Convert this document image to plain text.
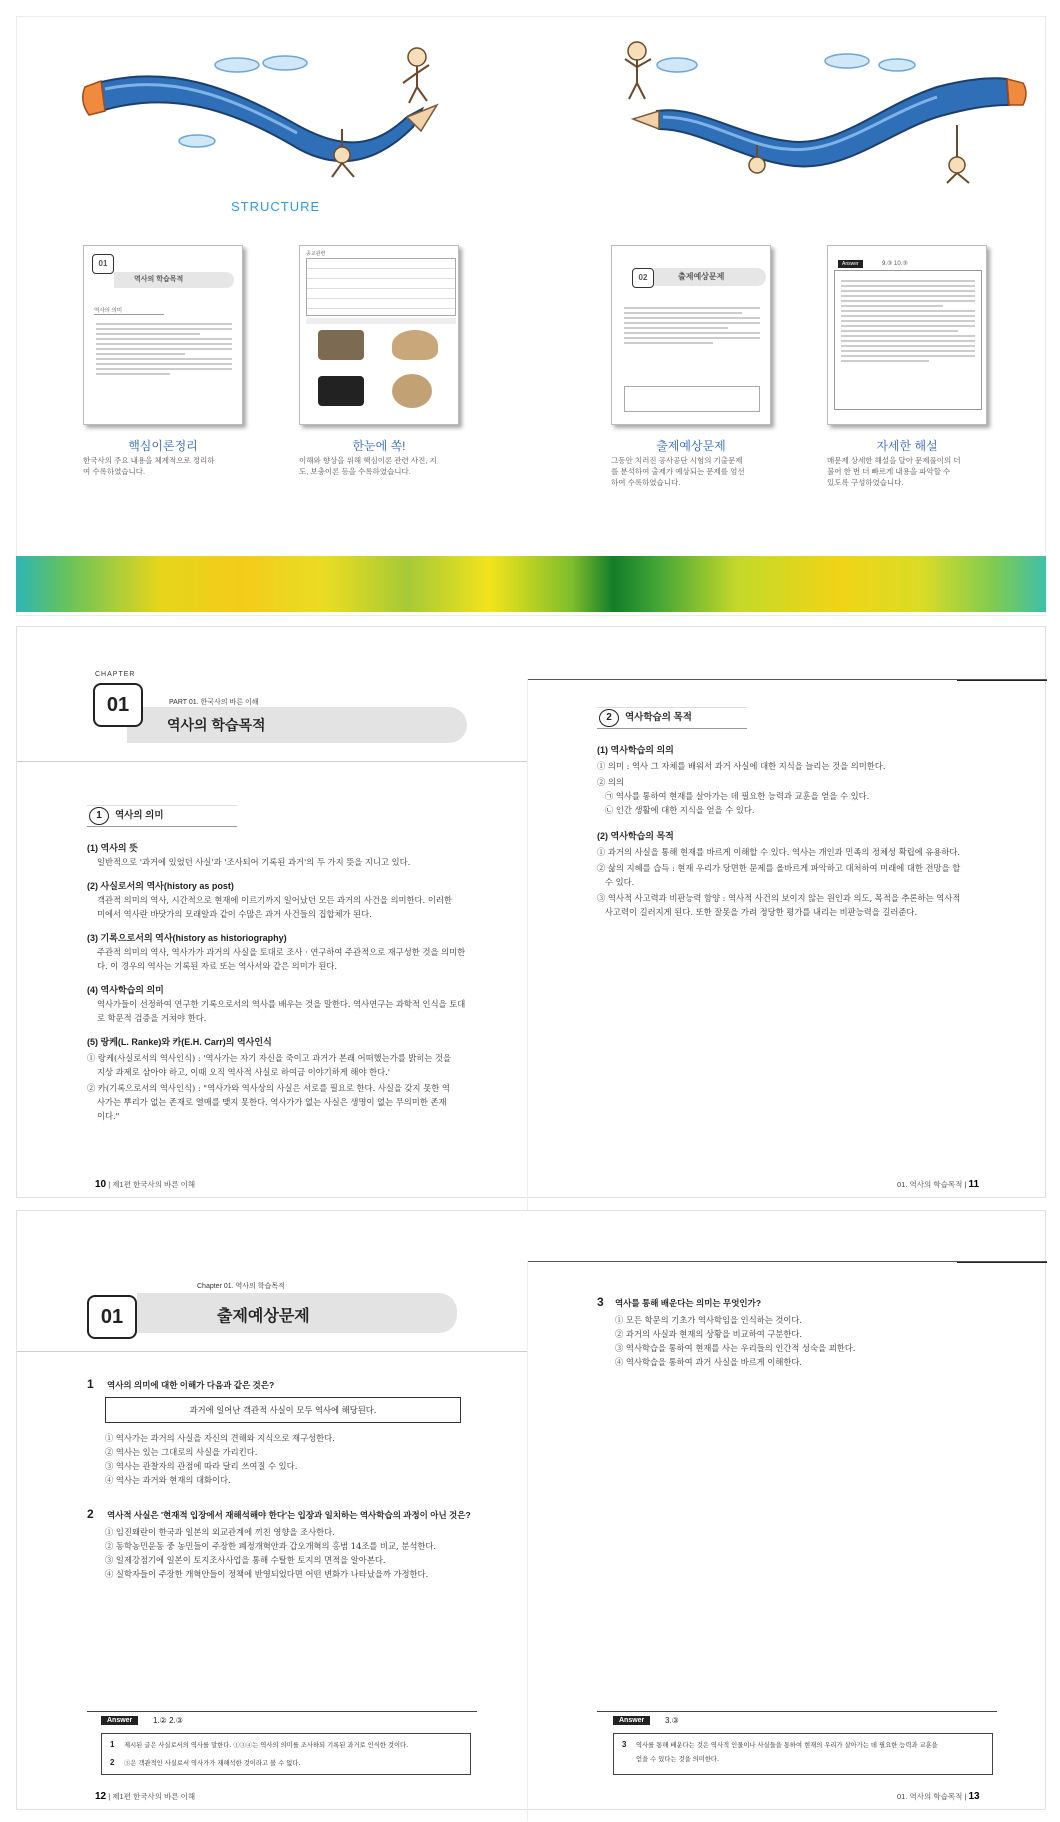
STRUCTURE
01
역사의 학습목적
역사의 의미
종교관련
02	출제예상문제
Answer	9.③ 10.③
핵심이론정리
한국사의 주요 내용을 체계적으로 정리하
여 수록하였습니다.
한눈에 쏙!
이해와 향상을 위해 핵심이론 관련 사진, 지
도, 보충이론 등을 수록하였습니다.
출제예상문제
그동안 치러진 공사공단 시험의 기출문제
를 분석하여 출제가 예상되는 문제를 엄선
하여 수록하였습니다.
자세한 해설
매문제 상세한 해설을 달아 문제풀이의 더
불어 한 번 더 빠르게 내용을 파악할 수
있도록 구성하였습니다.
CHAPTER
01	PART 01. 한국사의 바른 이해
역사의 학습목적
1	역사의 의미
(1) 역사의 뜻
일반적으로 '과거에 있었던 사실'과 '조사되어 기록된 과거'의 두 가지 뜻을 지니고 있다.
(2) 사실로서의 역사(history as post)
객관적 의미의 역사, 시간적으로 현재에 이르기까지 일어났던 모든 과거의 사건을 의미한다. 이러한
미에서 역사란 바닷가의 모래알과 같이 수많은 과거 사건들의 집합체가 된다.
(3) 기록으로서의 역사(history as historiography)
주관적 의미의 역사, 역사가가 과거의 사실을 토대로 조사 · 연구하여 주관적으로 재구성한 것을 의미한
다. 이 경우의 역사는 기록된 자료 또는 역사서와 같은 의미가 된다.
(4) 역사학습의 의미
역사가들이 선정하여 연구한 기록으로서의 역사를 배우는 것을 말한다. 역사연구는 과학적 인식을 토대
로 학문적 검증을 거쳐야 한다.
(5) 랑케(L. Ranke)와 카(E.H. Carr)의 역사인식
① 랑케(사실로서의 역사인식) : '역사가는 자기 자신을 죽이고 과거가 본래 어떠했는가를 밝히는 것을
지상 과제로 삼아야 하고, 이때 오직 역사적 사실로 하여금 이야기하게 해야 한다.'
② 카(기록으로서의 역사인식) : "역사가와 역사상의 사실은 서로를 필요로 한다. 사실을 갖지 못한 역
사가는 뿌리가 없는 존재로 열매를 맺지 못한다. 역사가가 없는 사실은 생명이 없는 무의미한 존재
이다."
10 | 제1편 한국사의 바른 이해
2	역사학습의 목적
(1) 역사학습의 의의
① 의미 : 역사 그 자체를 배워서 과거 사실에 대한 지식을 늘리는 것을 의미한다.
② 의의
㉠ 역사를 통하여 현재를 살아가는 데 필요한 능력과 교훈을 얻을 수 있다.
㉡ 인간 생활에 대한 지식을 얻을 수 있다.
(2) 역사학습의 목적
① 과거의 사실을 통해 현재를 바르게 이해할 수 있다. 역사는 개인과 민족의 정체성 확립에 유용하다.
② 삶의 지혜를 습득 : 현재 우리가 당면한 문제를 올바르게 파악하고 대처하여 미래에 대한 전망을 할
수 있다.
③ 역사적 사고력과 비판능력 함양 : 역사적 사건의 보이지 않는 원인과 의도, 목적을 추론하는 역사적
사고력이 길러지게 된다. 또한 잘못을 가려 정당한 평가를 내리는 비판능력을 길러준다.
01. 역사의 학습목적 | 11
Chapter 01. 역사의 학습목적
01	출제예상문제
1 역사의 의미에 대한 이해가 다음과 같은 것은?
과거에 일어난 객관적 사실이 모두 역사에 해당된다.
① 역사가는 과거의 사실을 자신의 견해와 지식으로 재구성한다.
② 역사는 있는 그대로의 사실을 가리킨다.
③ 역사는 관찰자의 관점에 따라 달리 쓰여질 수 있다.
④ 역사는 과거와 현재의 대화이다.
2 역사적 사실은 '현재적 입장에서 재해석해야 한다'는 입장과 일치하는 역사학습의 과정이 아닌 것은?
① 임진왜란이 한국과 일본의 외교관계에 끼친 영향을 조사한다.
② 동학농민운동 중 농민들이 주장한 폐정개혁안과 갑오개혁의 홍범 14조를 비교, 분석한다.
③ 일제강점기에 일본이 토지조사사업을 통해 수탈한 토지의 면적을 알아본다.
④ 실학자들이 주장한 개혁안들이 정책에 반영되었다면 어떤 변화가 나타났을까 가정한다.
Answer	1.② 2.③
1 제시된 글은 사실로서의 역사를 말한다. ①③④는 역사의 의미를 조사하되 기록된 과거로 인식한 것이다.
2 ③은 객관적인 사실로서 역사가가 재해석한 것이라고 볼 수 없다.
12 | 제1편 한국사의 바른 이해
3 역사를 통해 배운다는 의미는 무엇인가?
① 모든 학문의 기초가 역사학임을 인식하는 것이다.
② 과거의 사실과 현재의 상황을 비교하여 구분한다.
③ 역사학습을 통하여 현재를 사는 우리들의 인간적 성숙을 꾀한다.
④ 역사학습을 통하여 과거 사실을 바르게 이해한다.
Answer	3.③
3 역사를 통해 배운다는 것은 역사적 인물이나 사실들을 통하여 현재의 우리가 살아가는 데 필요한 능력과 교훈을
얻을 수 있다는 것을 의미한다.
01. 역사의 학습목적 | 13
